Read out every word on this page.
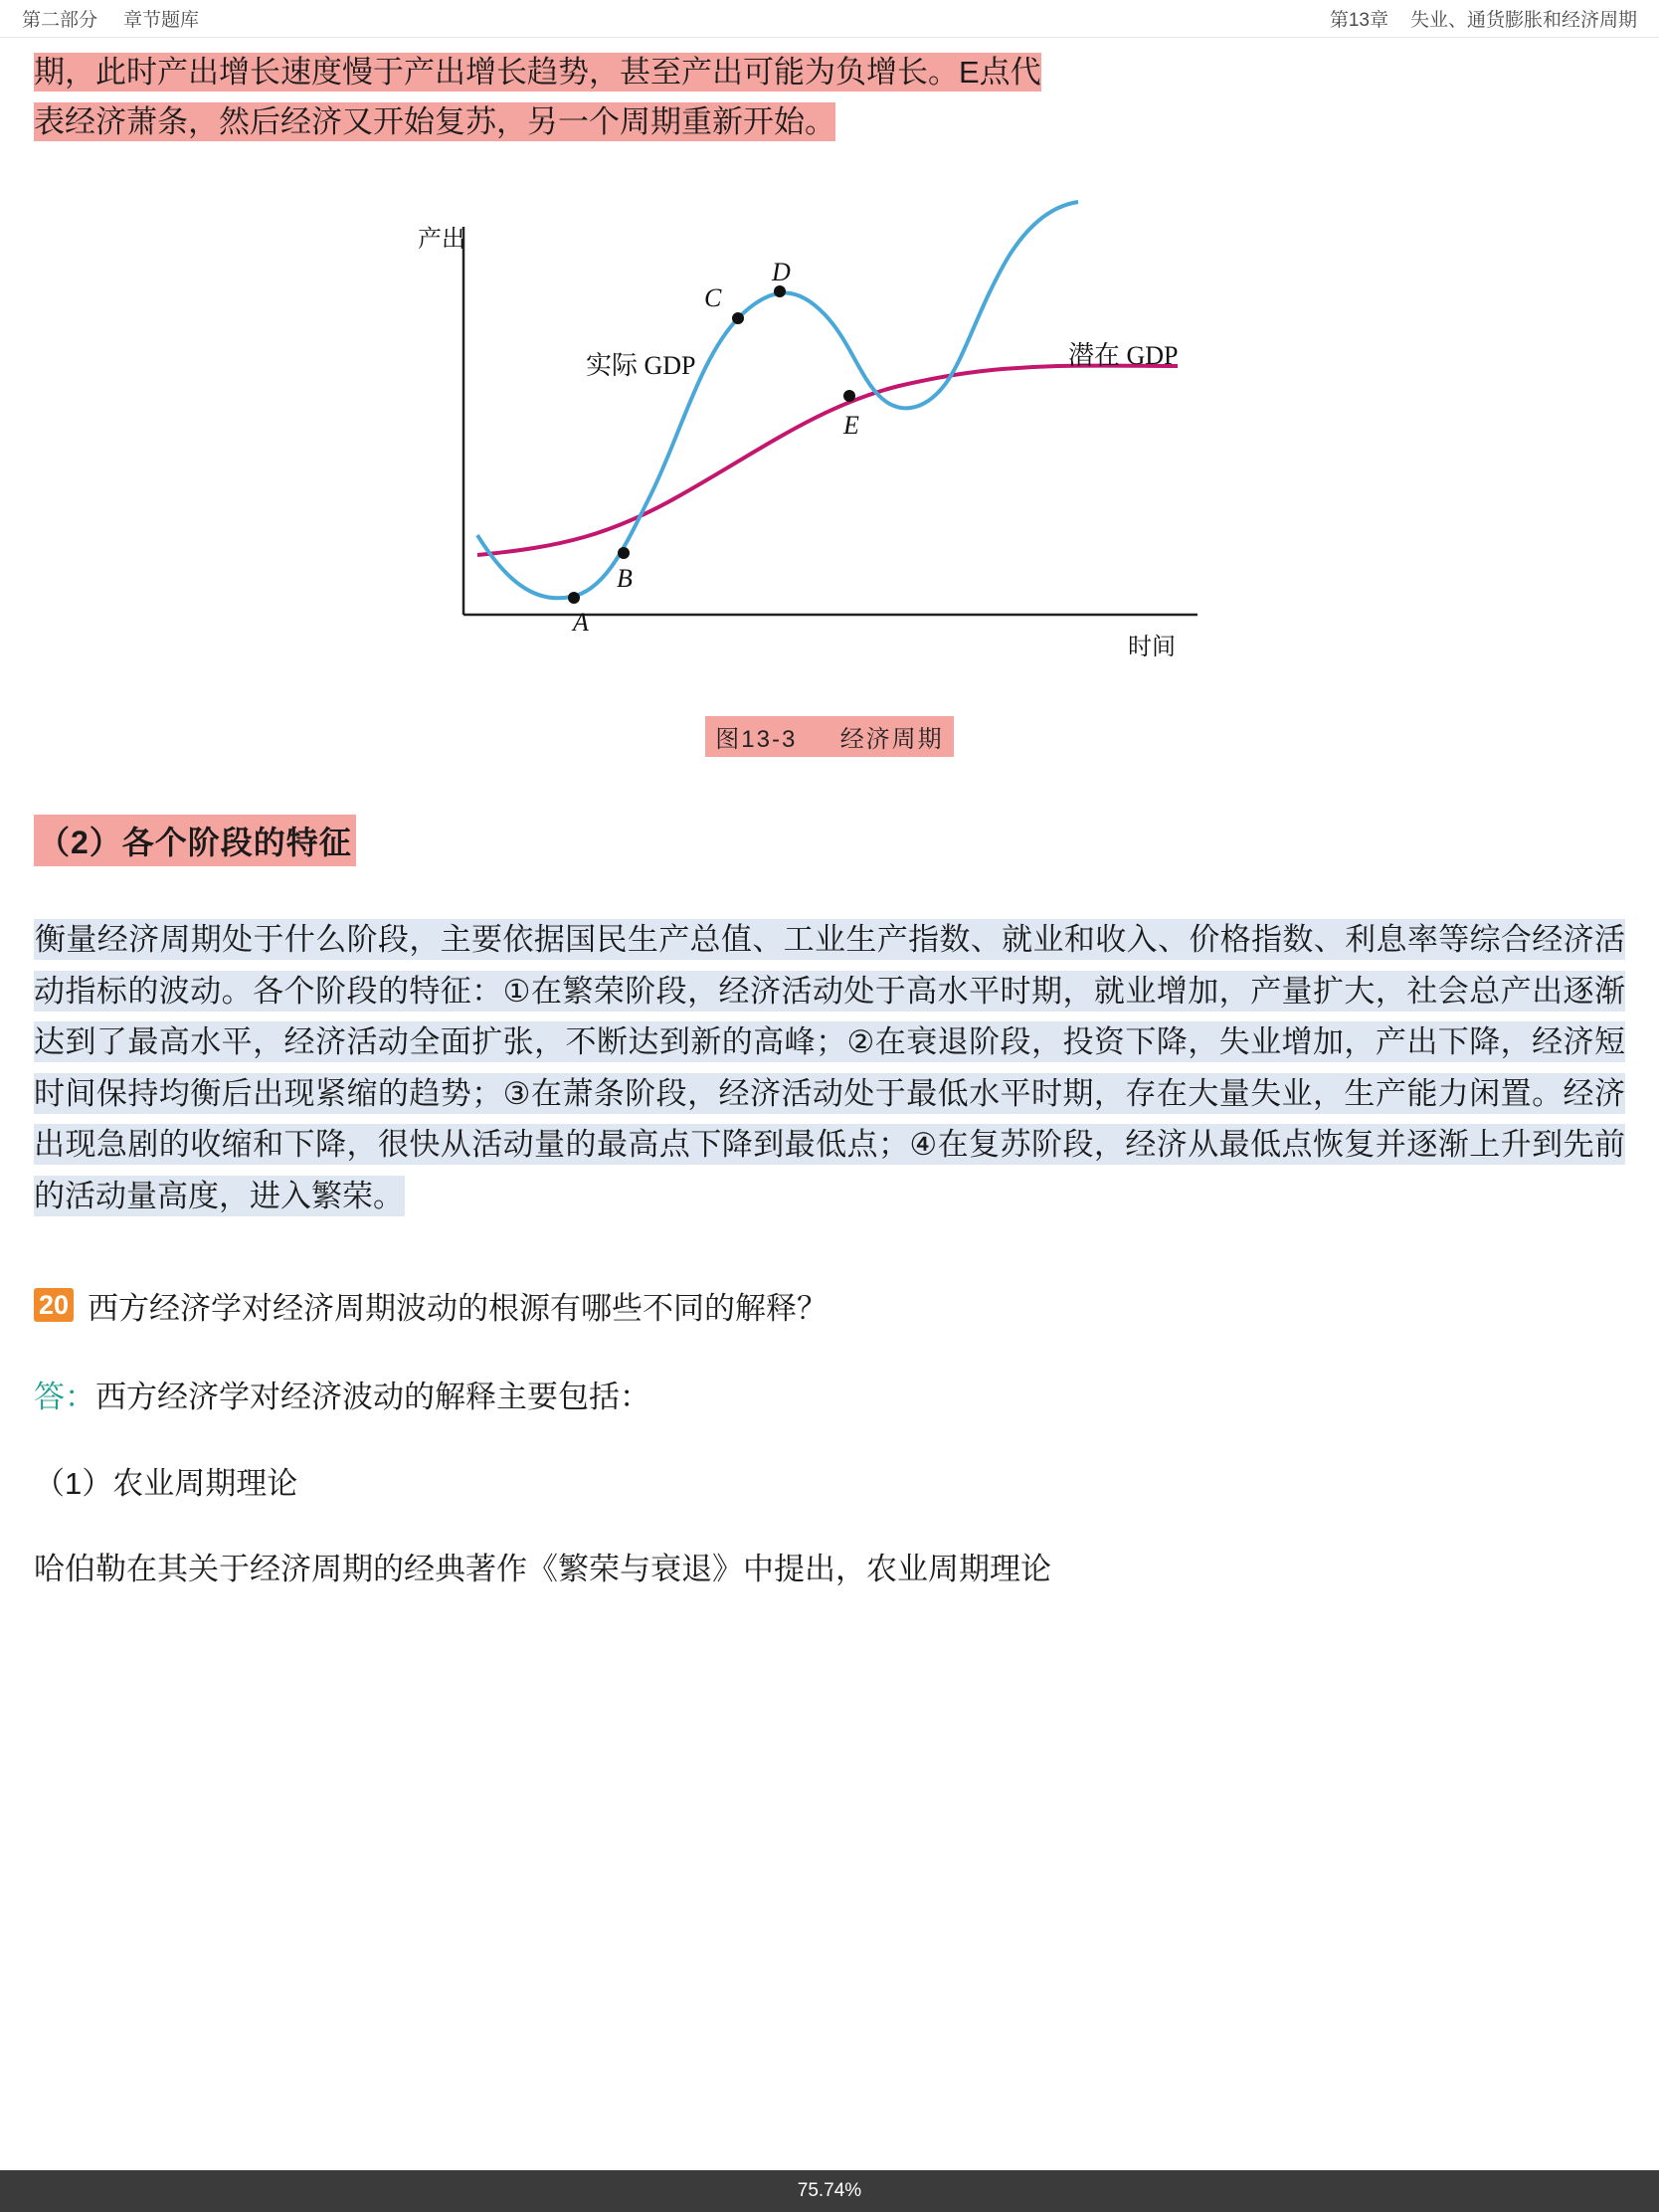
第二部分 章节题库	第13章 失业、通货膨胀和经济周期
期，此时产出增长速度慢于产出增长趋势，甚至产出可能为负增长。E点代
表经济萧条，然后经济又开始复苏，另一个周期重新开始。
产出
时间
实际 GDP	潜在 GDP
A
B
C
D
E
图13-3 经济周期
（2）各个阶段的特征

衡量经济周期处于什么阶段，主要依据国民生产总值、工业生产指数、就业和收入、价格指数、利息率等综合经济活动指标的波动。各个阶段的特征：①在繁荣阶段，经济活动处于高水平时期，就业增加，产量扩大，社会总产出逐渐达到了最高水平，经济活动全面扩张，不断达到新的高峰；②在衰退阶段，投资下降，失业增加，产出下降，经济短时间保持均衡后出现紧缩的趋势；③在萧条阶段，经济活动处于最低水平时期，存在大量失业，生产能力闲置。经济出现急剧的收缩和下降，很快从活动量的最高点下降到最低点；④在复苏阶段，经济从最低点恢复并逐渐上升到先前的活动量高度，进入繁荣。

20 西方经济学对经济周期波动的根源有哪些不同的解释？
答：西方经济学对经济波动的解释主要包括：
（1）农业周期理论
哈伯勒在其关于经济周期的经典著作《繁荣与衰退》中提出，农业周期理论
75.74%
